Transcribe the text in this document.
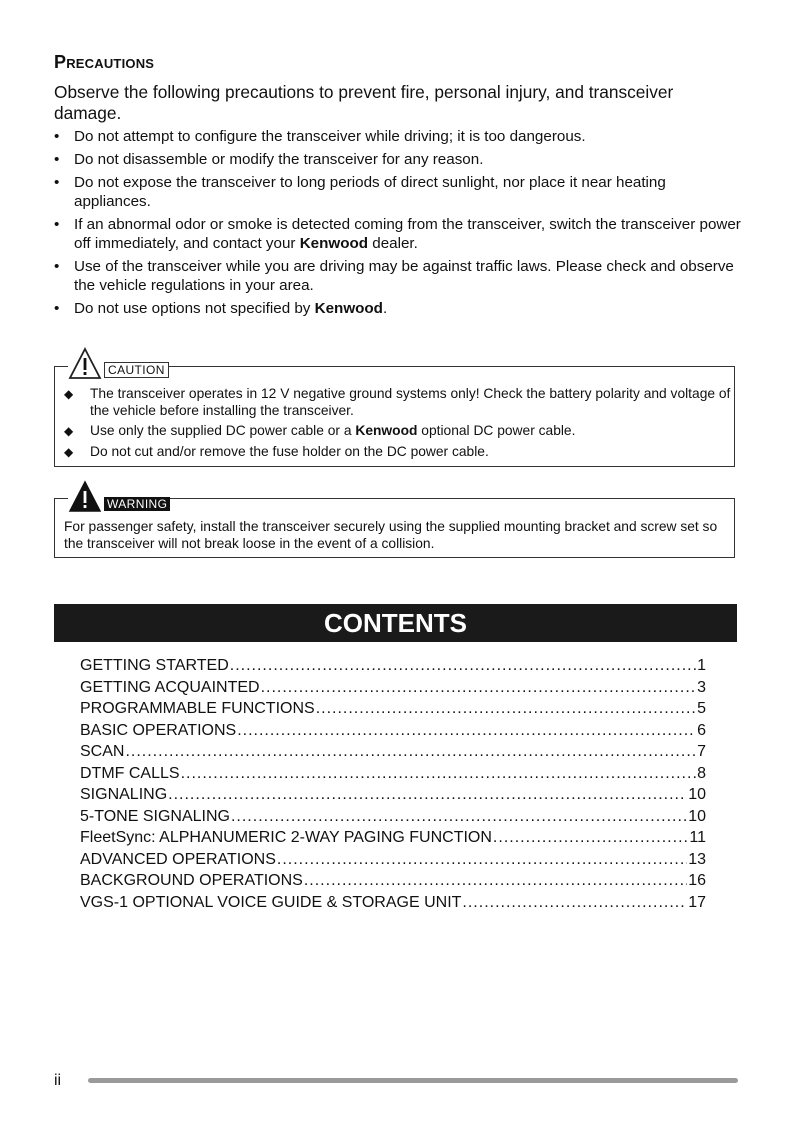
Precautions
Observe the following precautions to prevent fire, personal injury, and transceiver damage.
• Do not attempt to configure the transceiver while driving; it is too dangerous.
• Do not disassemble or modify the transceiver for any reason.
• Do not expose the transceiver to long periods of direct sunlight, nor place it near heating appliances.
• If an abnormal odor or smoke is detected coming from the transceiver, switch the transceiver power off immediately, and contact your Kenwood dealer.
• Use of the transceiver while you are driving may be against traffic laws. Please check and observe the vehicle regulations in your area.
• Do not use options not specified by Kenwood.
CAUTION
◆ The transceiver operates in 12 V negative ground systems only! Check the battery polarity and voltage of the vehicle before installing the transceiver.
◆ Use only the supplied DC power cable or a Kenwood optional DC power cable.
◆ Do not cut and/or remove the fuse holder on the DC power cable.
WARNING
For passenger safety, install the transceiver securely using the supplied mounting bracket and screw set so the transceiver will not break loose in the event of a collision.
CONTENTS
GETTING STARTED .....	1
GETTING ACQUAINTED .....	3
PROGRAMMABLE FUNCTIONS .....	5
BASIC OPERATIONS .....	6
SCAN .....	7
DTMF CALLS .....	8
SIGNALING .....	10
5-TONE SIGNALING .....	10
FleetSync: ALPHANUMERIC 2-WAY PAGING FUNCTION .....	11
ADVANCED OPERATIONS .....	13
BACKGROUND OPERATIONS .....	16
VGS-1 OPTIONAL VOICE GUIDE & STORAGE UNIT .....	17
ii
